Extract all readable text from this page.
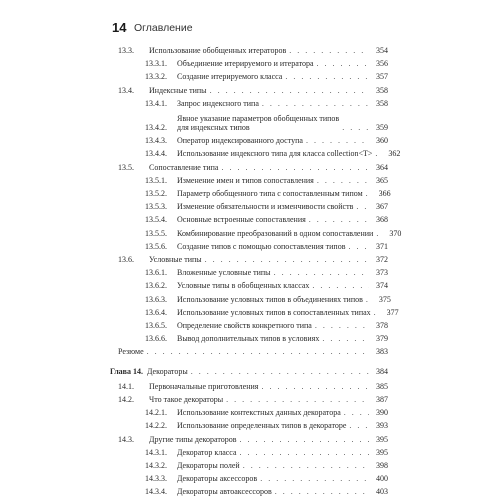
14 Оглавление
13.3.	Использование обобщенных итераторов . . .	354
13.3.1.	Объединение итерируемого и итератора . . .	356
13.3.2.	Создание итерируемого класса . . .	357
13.4.	Индексные типы . . .	358
13.4.1.	Запрос индексного типа . . .	358
13.4.2.
Явное указание параметров обобщенных типов
для индексных типов . . .	359
13.4.3.	Оператор индексированного доступа . . .	360
13.4.4.	Использование индексного типа для класса collection<T> . . .	362
13.5.	Сопоставление типа . . .	364
13.5.1.	Изменение имен и типов сопоставления . . .	365
13.5.2.	Параметр обобщенного типа с сопоставленным типом . . .	366
13.5.3.	Изменение обязательности и изменчивости свойств . . .	367
13.5.4.	Основные встроенные сопоставления . . .	368
13.5.5.	Комбинирование преобразований в одном сопоставлении . . .	370
13.5.6.	Создание типов с помощью сопоставления типов . . .	371
13.6.	Условные типы . . .	372
13.6.1.	Вложенные условные типы . . .	373
13.6.2.	Условные типы в обобщенных классах . . .	374
13.6.3.	Использование условных типов в объединениях типов . . .	375
13.6.4.	Использование условных типов в сопоставленных типах . . .	377
13.6.5.	Определение свойств конкретного типа . . .	378
13.6.6.	Вывод дополнительных типов в условиях . . .	379
Резюме . . .	383
Глава 14. Декораторы . . .	384
14.1.	Первоначальные приготовления . . .	385
14.2.	Что такое декораторы . . .	387
14.2.1.	Использование контекстных данных декоратора . . .	390
14.2.2.	Использование определенных типов в декораторе . . .	393
14.3.	Другие типы декораторов . . .	395
14.3.1.	Декоратор класса . . .	395
14.3.2.	Декораторы полей . . .	398
14.3.3.	Декораторы аксессоров . . .	400
14.3.4.	Декораторы автоаксессоров . . .	403
